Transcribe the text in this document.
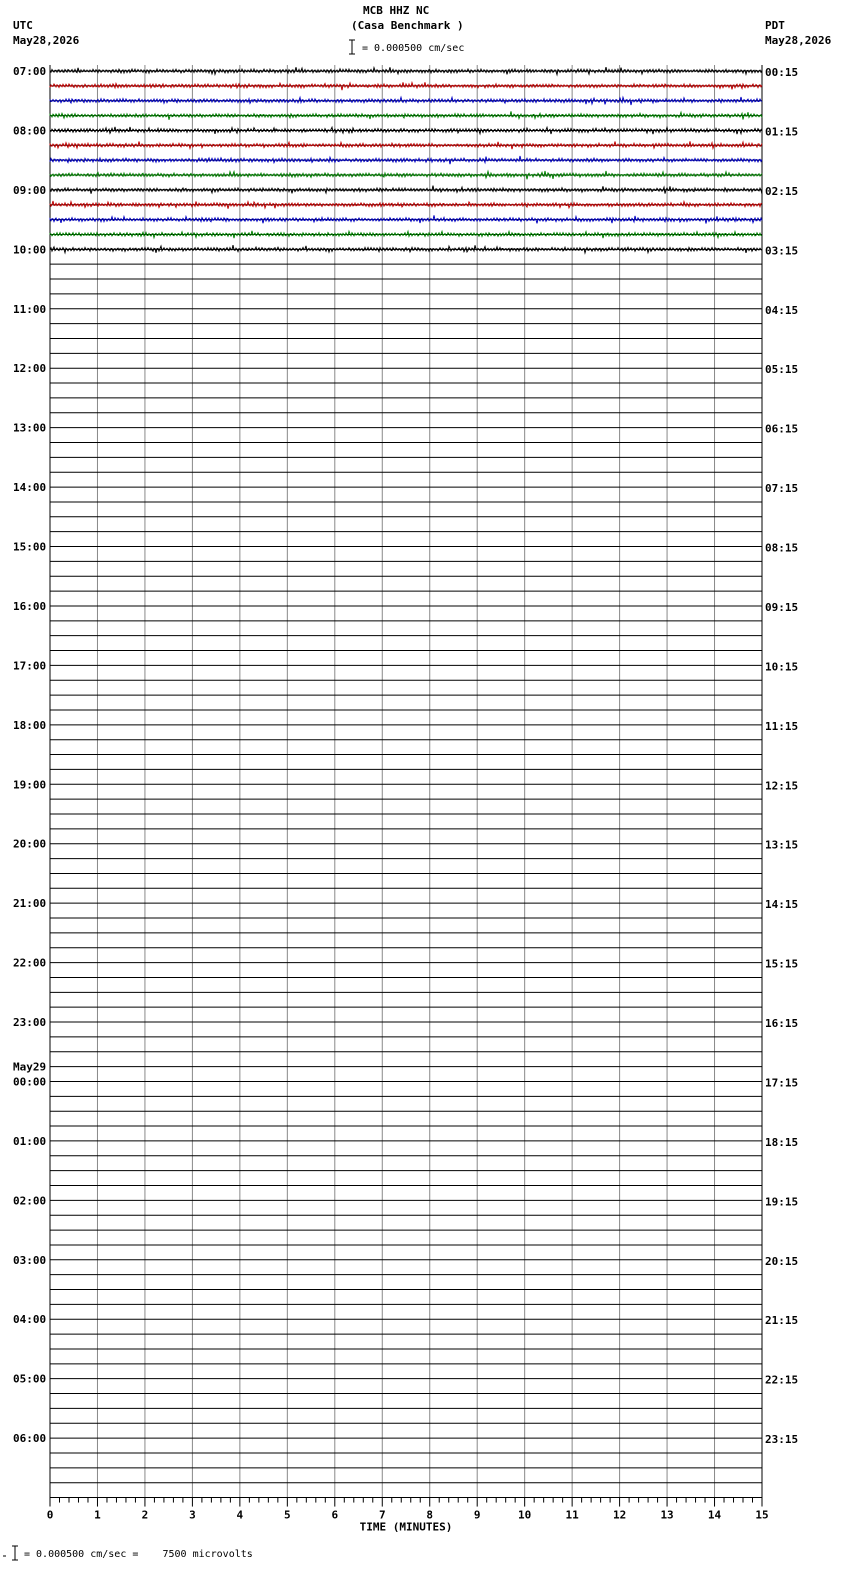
MCB HHZ NC
(Casa Benchmark )
UTC
May28,2026
PDT
May28,2026
= 0.000500 cm/sec
= 0.000500 cm/sec =    7500 microvolts
0	1	2	3	4	5	6	7	8	9	10	11	12	13	14	15
TIME (MINUTES)
07:00
08:00
09:00
10:00
11:00
12:00
13:00
14:00
15:00
16:00
17:00
18:00
19:00
20:00
21:00
22:00
23:00
00:00
May29
01:00
02:00
03:00
04:00
05:00
06:00
00:15
01:15
02:15
03:15
04:15
05:15
06:15
07:15
08:15
09:15
10:15
11:15
12:15
13:15
14:15
15:15
16:15
17:15
18:15
19:15
20:15
21:15
22:15
23:15
